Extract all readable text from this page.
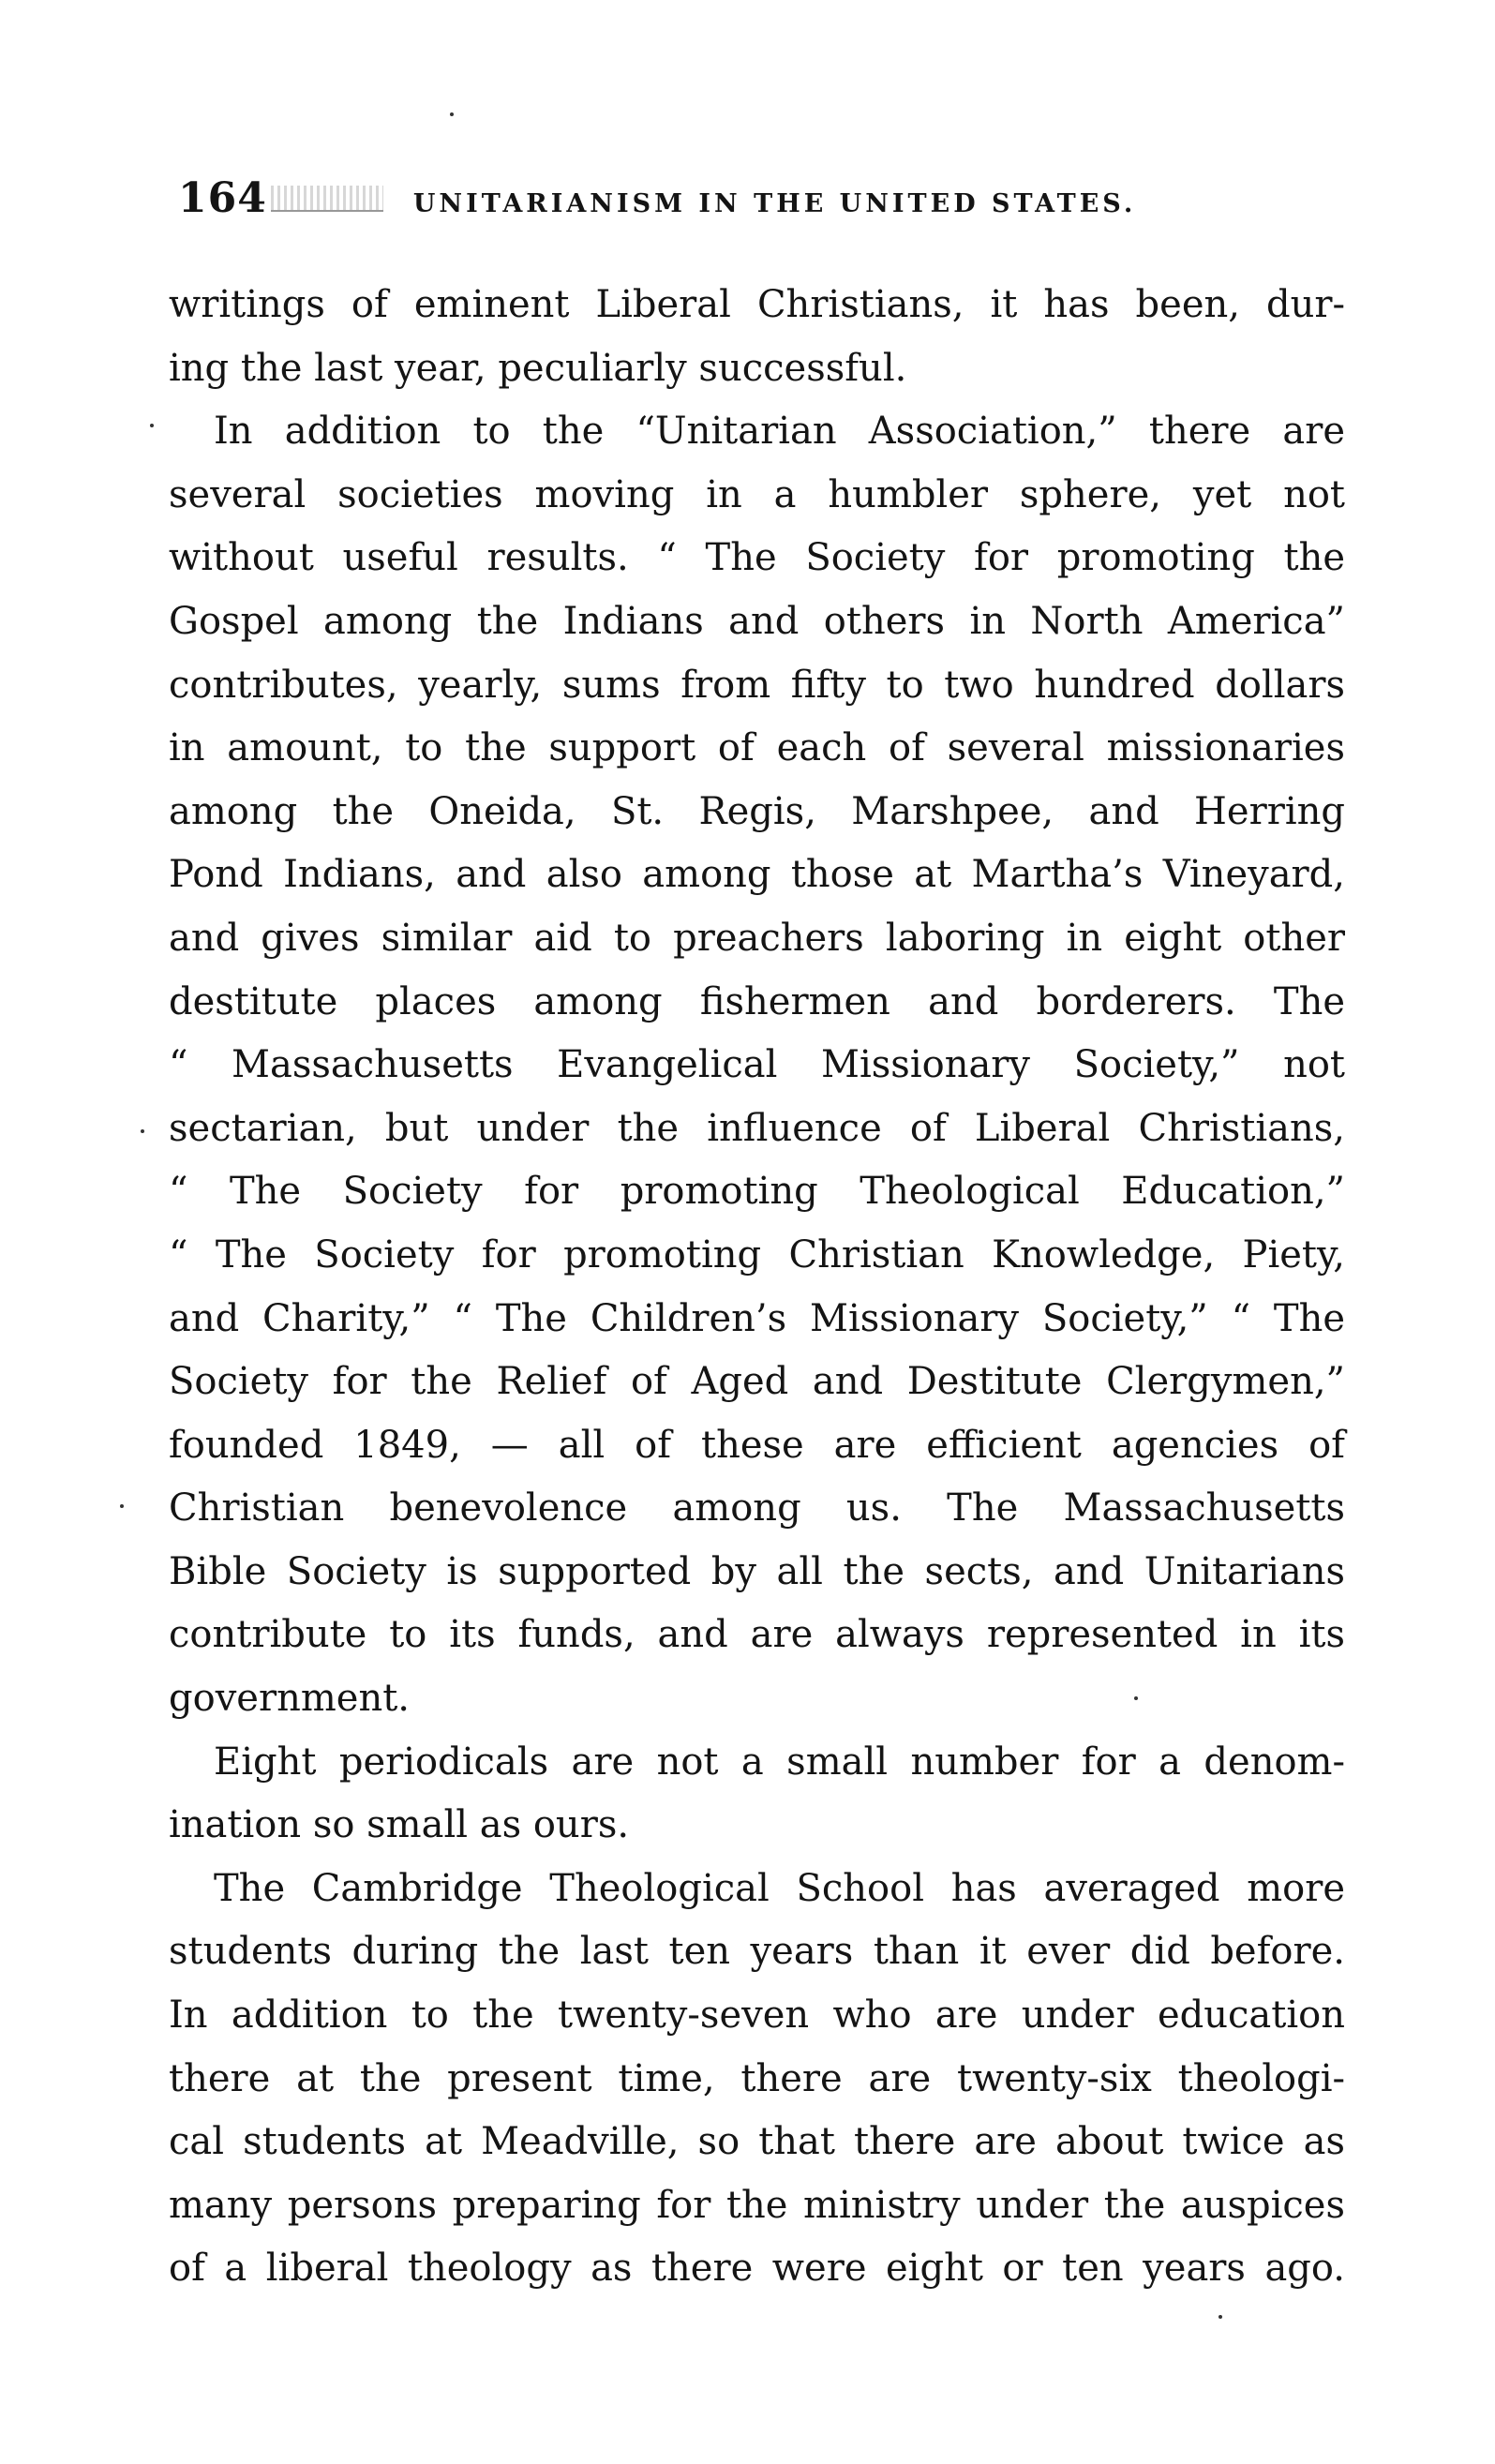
164	UNITARIANISM IN THE UNITED STATES.
writings of eminent Liberal Christians, it has been, dur-
ing the last year, peculiarly successful.
In addition to the “Unitarian Association,” there are
several societies moving in a humbler sphere, yet not
without useful results. “ The Society for promoting the
Gospel among the Indians and others in North America”
contributes, yearly, sums from fifty to two hundred dollars
in amount, to the support of each of several missionaries
among the Oneida, St. Regis, Marshpee, and Herring
Pond Indians, and also among those at Martha’s Vineyard,
and gives similar aid to preachers laboring in eight other
destitute places among fishermen and borderers. The
“ Massachusetts Evangelical Missionary Society,” not
sectarian, but under the influence of Liberal Christians,
“ The Society for promoting Theological Education,”
“ The Society for promoting Christian Knowledge, Piety,
and Charity,” “ The Children’s Missionary Society,” “ The
Society for the Relief of Aged and Destitute Clergymen,”
founded 1849, — all of these are efficient agencies of
Christian benevolence among us. The Massachusetts
Bible Society is supported by all the sects, and Unitarians
contribute to its funds, and are always represented in its
government.
Eight periodicals are not a small number for a denom-
ination so small as ours.
The Cambridge Theological School has averaged more
students during the last ten years than it ever did before.
In addition to the twenty-seven who are under education
there at the present time, there are twenty-six theologi-
cal students at Meadville, so that there are about twice as
many persons preparing for the ministry under the auspices
of a liberal theology as there were eight or ten years ago.
